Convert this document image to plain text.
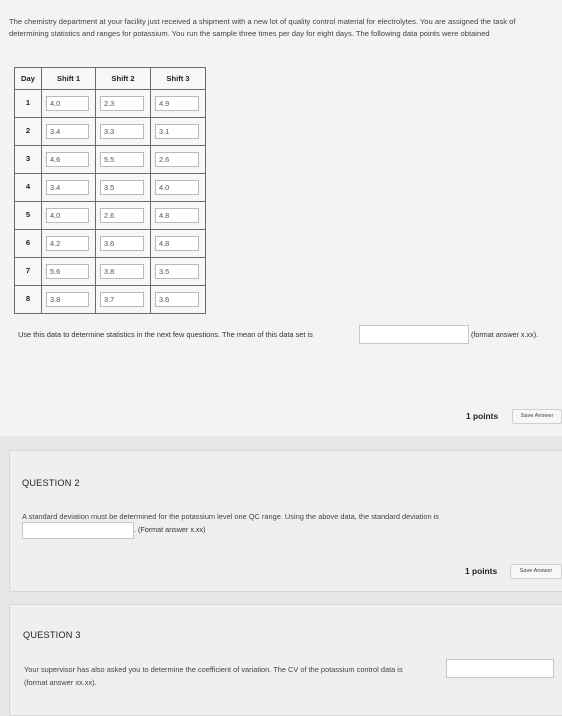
The chemistry department at your facility just received a shipment with a new lot of quality control material for electrolytes. You are assigned the task of determining statistics and ranges for potassium. You run the sample three times per day for eight days. The following data points were obtained
Day	Shift 1	Shift 2	Shift 3
1	4.0	2.3	4.9

2	3.4	3.3	3.1

3	4.6	5.5	2.6

4	3.4	3.5	4.0

5	4.0	2.6	4.8

6	4.2	3.6	4.8

7	5.6	3.8	3.5

8	3.8	3.7	3.6
Use this data to determine statistics in the next few questions. The mean of this data set is	(format answer x.xx).
1 points	Save Answer
QUESTION 2
A standard deviation must be determined for the potassium level one QC range. Using the above data, the standard deviation is
. (Format answer x.xx)
1 points	Save Answer
QUESTION 3
Your supervisor has also asked you to determine the coefficient of variation. The CV of the potassium control data is
(format answer xx.xx).
